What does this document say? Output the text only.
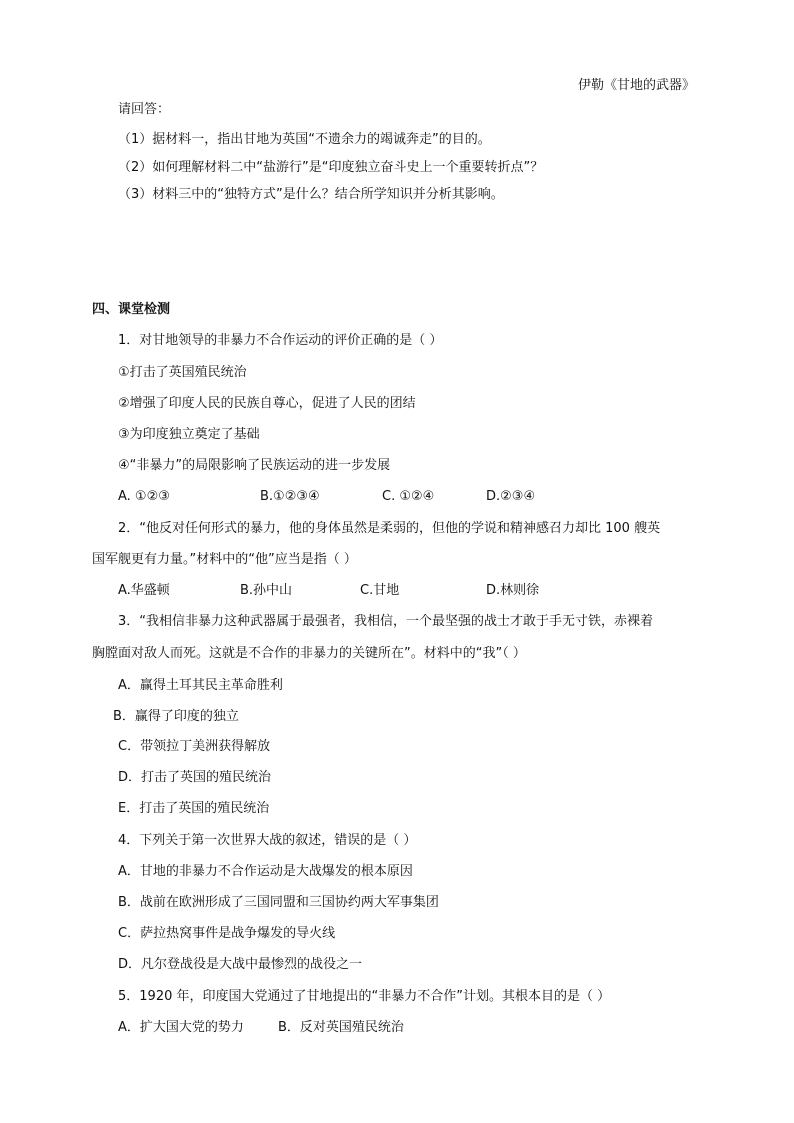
伊勒《甘地的武器》
请回答：
（1）据材料一，指出甘地为英国“不遗余力的竭诚奔走”的目的。
（2）如何理解材料二中“盐游行”是“印度独立奋斗史上一个重要转折点”？
（3）材料三中的“独特方式”是什么？结合所学知识并分析其影响。
四、课堂检测
1．对甘地领导的非暴力不合作运动的评价正确的是（ ）
①打击了英国殖民统治
②增强了印度人民的民族自尊心，促进了人民的团结
③为印度独立奠定了基础
④“非暴力”的局限影响了民族运动的进一步发展
A. ①②③	B.①②③④	C. ①②④	D.②③④
2．“他反对任何形式的暴力，他的身体虽然是柔弱的，但他的学说和精神感召力却比 100 艘英
国军舰更有力量。”材料中的“他”应当是指（ ）
A.华盛顿	B.孙中山	C.甘地	D.林则徐
3．“我相信非暴力这种武器属于最强者，我相信，一个最坚强的战士才敢于手无寸铁，赤裸着
胸膛面对敌人而死。这就是不合作的非暴力的关键所在”。材料中的“我”（ ）
A．赢得土耳其民主革命胜利
B．赢得了印度的独立
C．带领拉丁美洲获得解放
D．打击了英国的殖民统治
E．打击了英国的殖民统治
4．下列关于第一次世界大战的叙述，错误的是（ ）
A．甘地的非暴力不合作运动是大战爆发的根本原因
B．战前在欧洲形成了三国同盟和三国协约两大军事集团
C．萨拉热窝事件是战争爆发的导火线
D．凡尔登战役是大战中最惨烈的战役之一
5．1920 年，印度国大党通过了甘地提出的“非暴力不合作”计划。其根本目的是（ ）
A．扩大国大党的势力	B．反对英国殖民统治
